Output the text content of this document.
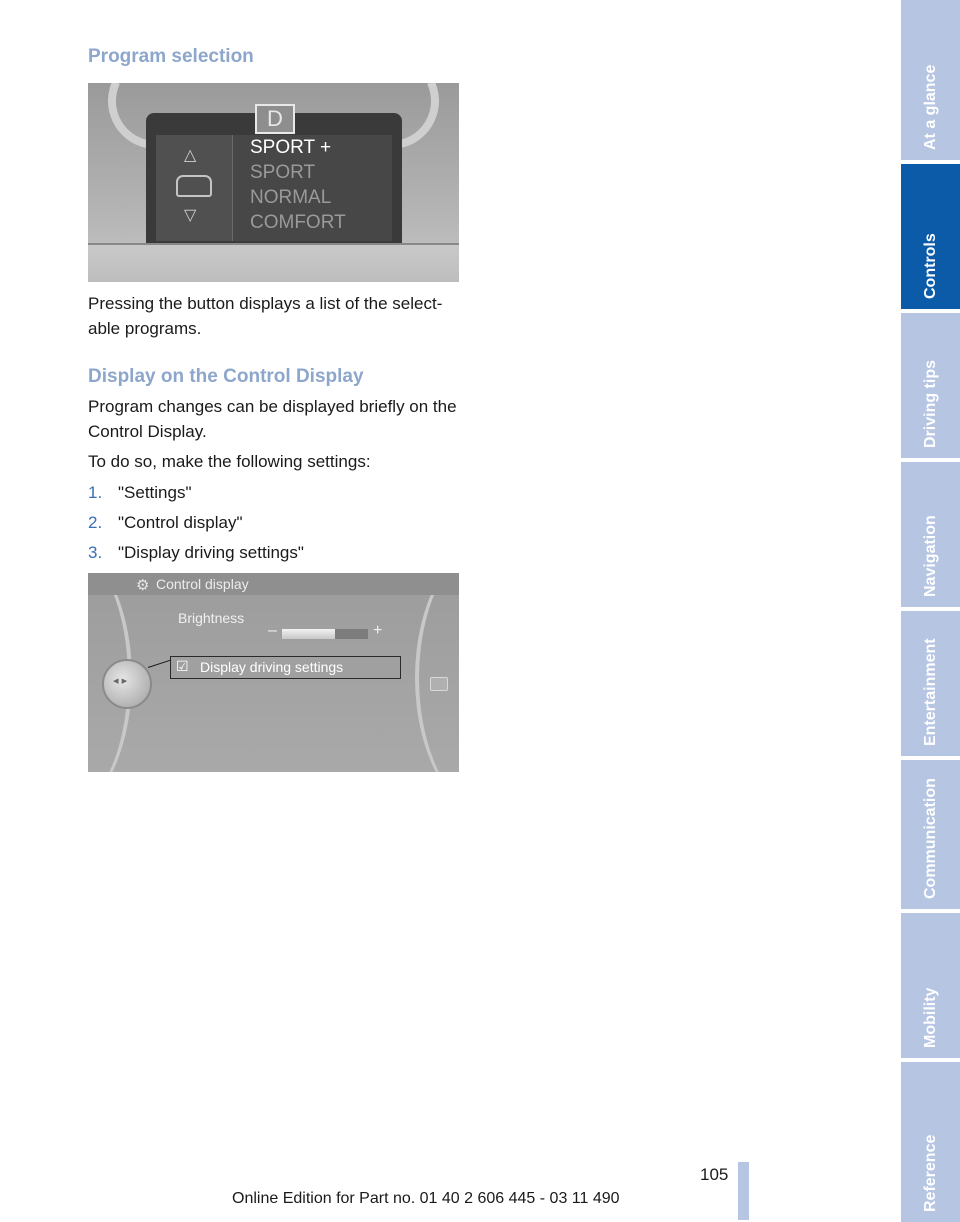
Program selection
D
△
▽
SPORT +
SPORT
NORMAL
COMFORT
Pressing the button displays a list of the select-able programs.
Display on the Control Display
Program changes can be displayed briefly on the Control Display.
To do so, make the following settings:
1. "Settings"
2. "Control display"
3. "Display driving settings"
⚙ Control display
Brightness
–	+
☑ Display driving settings
◂ ▸
At a glance
Controls
Driving tips
Navigation
Entertainment
Communication
Mobility
Reference
105
Online Edition for Part no. 01 40 2 606 445 - 03 11 490
